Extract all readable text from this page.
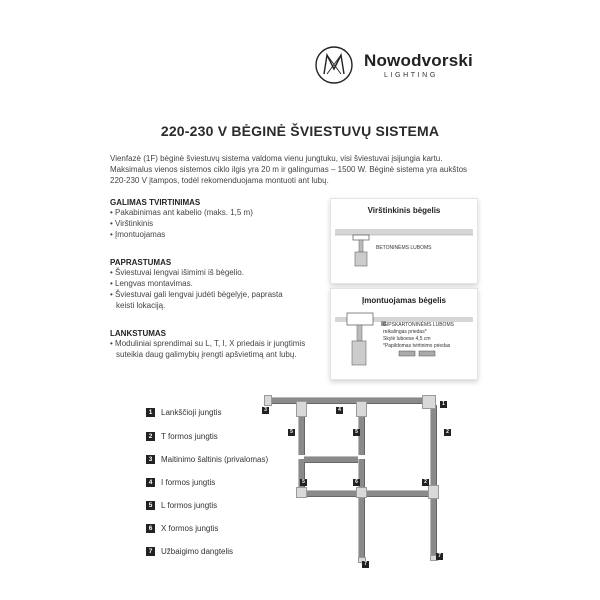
Nowodvorski
LIGHTING
220-230 V BĖGINĖ ŠVIESTUVŲ SISTEMA
Vienfazė (1F) bėginė šviestuvų sistema valdoma vienu jungtuku, visi šviestuvai įsijungia kartu. Maksimalus vienos sistemos ciklo ilgis yra 20 m ir galingumas – 1500 W. Bėginė sistema yra aukštos 220-230 V įtampos, todėl rekomenduojama montuoti ant lubų.
GALIMAS TVIRTINIMAS
• Pakabinimas ant kabelio (maks. 1,5 m)
• Virštinkinis
• Įmontuojamas
PAPRASTUMAS
• Šviestuvai lengvai išimimi iš bėgelio.
• Lengvas montavimas.
• Šviestuvai gali lengvai judėti bėgelyje, paprasta keisti lokaciją.
LANKSTUMAS
• Moduliniai sprendimai su L, T, I, X priedais ir jungtimis suteikia daug galimybių įrengti apšvietimą ant lubų.
Virštinkinis bėgelis
BETONINĖMS LUBOMS
Įmontuojamas bėgelis
GIPSKARTONINĖMS LUBOMS
reikalingas priedas*
Skylė luboese 4,5 cm
*Papildomas tvirtinimo priedas
1 Lankščioji jungtis
2 T formos jungtis
3 Maitinimo šaltinis (privalomas)
4 I formos jungtis
5 L formos jungtis
6 X formos jungtis
7 Užbaigimo dangtelis
3	4
5	5	2
5	6	2
1
7
7
